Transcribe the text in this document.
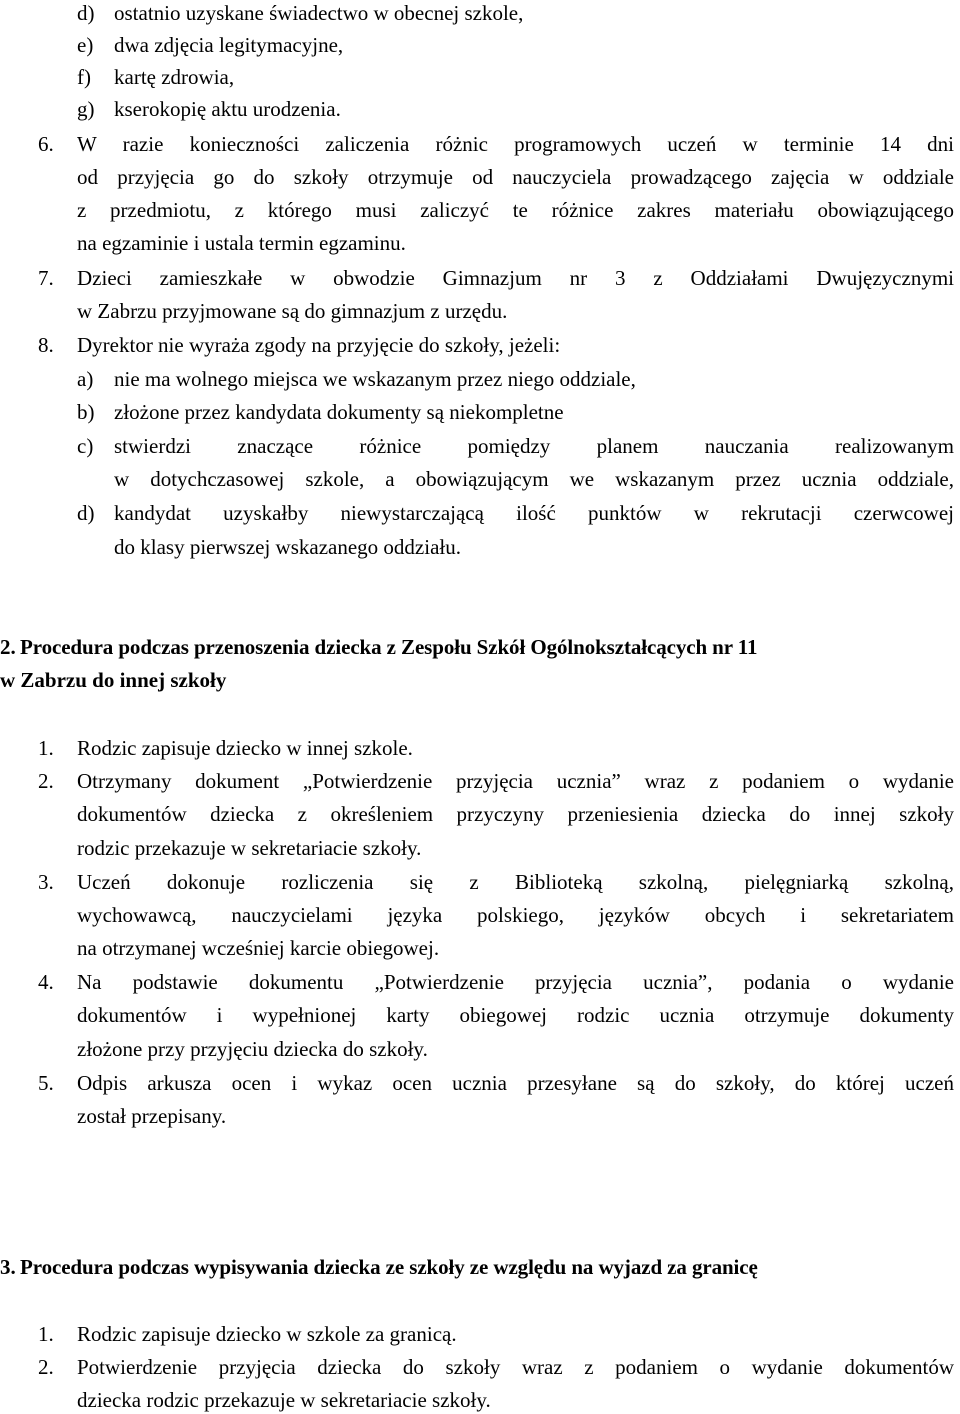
d) ostatnio uzyskane świadectwo w obecnej szkole,
e) dwa zdjęcia legitymacyjne,
f) kartę zdrowia,
g) kserokopię aktu urodzenia.
6. W razie konieczności zaliczenia różnic programowych uczeń w terminie 14 dni
od przyjęcia go do szkoły otrzymuje od nauczyciela prowadzącego zajęcia w oddziale
z przedmiotu, z którego musi zaliczyć te różnice zakres materiału obowiązującego
na egzaminie i ustala termin egzaminu.
7. Dzieci zamieszkałe w obwodzie Gimnazjum nr 3 z Oddziałami Dwujęzycznymi
w Zabrzu przyjmowane są do gimnazjum z urzędu.
8. Dyrektor nie wyraża zgody na przyjęcie do szkoły, jeżeli:
a) nie ma wolnego miejsca we wskazanym przez niego oddziale,
b) złożone przez kandydata dokumenty są niekompletne
c) stwierdzi znaczące różnice pomiędzy planem nauczania realizowanym
w dotychczasowej szkole, a obowiązującym we wskazanym przez ucznia oddziale,
d) kandydat uzyskałby niewystarczającą ilość punktów w rekrutacji czerwcowej
do klasy pierwszej wskazanego oddziału.
2. Procedura podczas przenoszenia dziecka z Zespołu Szkół Ogólnokształcących nr 11
w Zabrzu do innej szkoły
1. Rodzic zapisuje dziecko w innej szkole.
2. Otrzymany dokument „Potwierdzenie przyjęcia ucznia” wraz z podaniem o wydanie
dokumentów dziecka z określeniem przyczyny przeniesienia dziecka do innej szkoły
rodzic przekazuje w sekretariacie szkoły.
3. Uczeń dokonuje rozliczenia się z Biblioteką szkolną, pielęgniarką szkolną,
wychowawcą, nauczycielami języka polskiego, języków obcych i sekretariatem
na otrzymanej wcześniej karcie obiegowej.
4. Na podstawie dokumentu „Potwierdzenie przyjęcia ucznia”, podania o wydanie
dokumentów i wypełnionej karty obiegowej rodzic ucznia otrzymuje dokumenty
złożone przy przyjęciu dziecka do szkoły.
5. Odpis arkusza ocen i wykaz ocen ucznia przesyłane są do szkoły, do której uczeń
został przepisany.
3. Procedura podczas wypisywania dziecka ze szkoły ze względu na wyjazd za granicę
1. Rodzic zapisuje dziecko w szkole za granicą.
2. Potwierdzenie przyjęcia dziecka do szkoły wraz z podaniem o wydanie dokumentów
dziecka rodzic przekazuje w sekretariacie szkoły.
